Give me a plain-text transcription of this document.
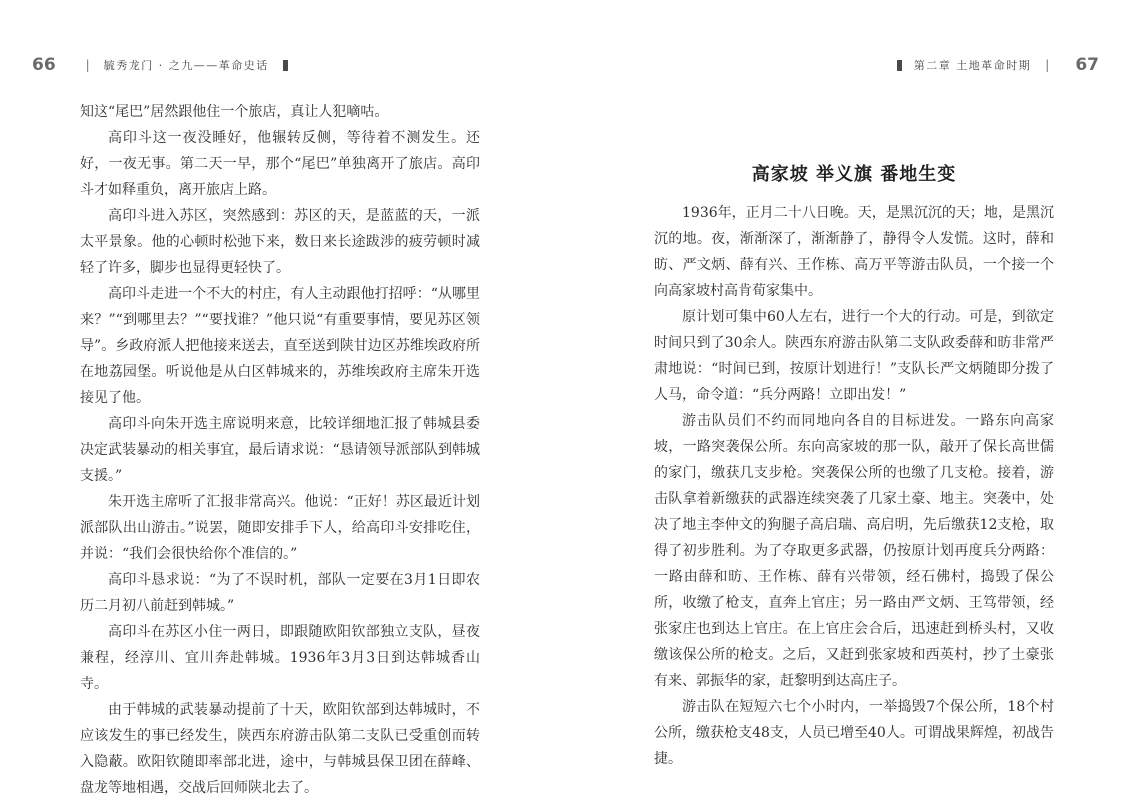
66	| 毓秀龙门 · 之九——革命史话

知这“尾巴”居然跟他住一个旅店，真让人犯嘀咕。

高印斗这一夜没睡好，他辗转反侧，等待着不测发生。还好，一夜无事。第二天一早，那个“尾巴”单独离开了旅店。高印斗才如释重负，离开旅店上路。

高印斗进入苏区，突然感到：苏区的天，是蓝蓝的天，一派太平景象。他的心顿时松弛下来，数日来长途跋涉的疲劳顿时减轻了许多，脚步也显得更轻快了。

高印斗走进一个不大的村庄，有人主动跟他打招呼：“从哪里来？”“到哪里去？”“要找谁？”他只说“有重要事情，要见苏区领导”。乡政府派人把他接来送去，直至送到陕甘边区苏维埃政府所在地荔园堡。听说他是从白区韩城来的，苏维埃政府主席朱开选接见了他。

高印斗向朱开选主席说明来意，比较详细地汇报了韩城县委决定武装暴动的相关事宜，最后请求说：“恳请领导派部队到韩城支援。”

朱开选主席听了汇报非常高兴。他说：“正好！苏区最近计划派部队出山游击。”说罢，随即安排手下人，给高印斗安排吃住，并说：“我们会很快给你个准信的。”

高印斗恳求说：“为了不误时机，部队一定要在3月1日即农历二月初八前赶到韩城。”

高印斗在苏区小住一两日，即跟随欧阳钦部独立支队，昼夜兼程，经淳川、宜川奔赴韩城。1936年3月3日到达韩城香山寺。

由于韩城的武装暴动提前了十天，欧阳钦部到达韩城时，不应该发生的事已经发生，陕西东府游击队第二支队已受重创而转入隐蔽。欧阳钦随即率部北进，途中，与韩城县保卫团在薛峰、盘龙等地相遇，交战后回师陕北去了。

第二章 土地革命时期 | 67
高家坡 举义旗 番地生变

1936年，正月二十八日晚。天，是黑沉沉的天；地，是黑沉沉的地。夜，渐渐深了，渐渐静了，静得令人发慌。这时，薛和昉、严文炳、薛有兴、王作栋、高万平等游击队员，一个接一个向高家坡村高肯荀家集中。

原计划可集中60人左右，进行一个大的行动。可是，到欲定时间只到了30余人。陕西东府游击队第二支队政委薛和昉非常严肃地说：“时间已到，按原计划进行！”支队长严文炳随即分拨了人马，命令道：“兵分两路！立即出发！”

游击队员们不约而同地向各自的目标进发。一路东向高家坡，一路突袭保公所。东向高家坡的那一队，敲开了保长高世儒的家门，缴获几支步枪。突袭保公所的也缴了几支枪。接着，游击队拿着新缴获的武器连续突袭了几家土豪、地主。突袭中，处决了地主李仲文的狗腿子高启瑞、高启明，先后缴获12支枪，取得了初步胜利。为了夺取更多武器，仍按原计划再度兵分两路：一路由薛和昉、王作栋、薛有兴带领，经石佛村，捣毁了保公所，收缴了枪支，直奔上官庄；另一路由严文炳、王笃带领，经张家庄也到达上官庄。在上官庄会合后，迅速赶到桥头村，又收缴该保公所的枪支。之后，又赶到张家坡和西英村，抄了土豪张有来、郭振华的家，赶黎明到达高庄子。

游击队在短短六七个小时内，一举捣毁7个保公所，18个村公所，缴获枪支48支，人员已增至40人。可谓战果辉煌，初战告捷。
